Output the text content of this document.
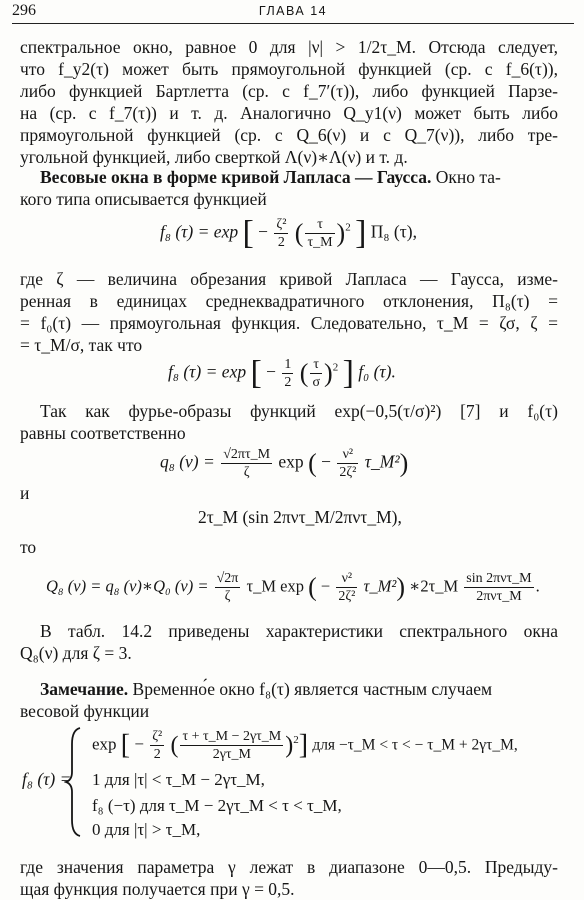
296	ГЛАВА 14
спектральное окно, равное 0 для |ν| > 1/2τ_M. Отсюда следует,
что f_y2(τ) может быть прямоугольной функцией (ср. с f_6(τ)),
либо функцией Бартлетта (ср. с f_7′(τ)), либо функцией Парзе-
на (ср. с f_7(τ)) и т. д. Аналогично Q_y1(ν) может быть либо
прямоугольной функцией (ср. с Q_6(ν) и с Q_7(ν)), либо тре-
угольной функцией, либо сверткой Λ(ν)∗Λ(ν) и т. д.
Весовые окна в форме кривой Лапласа — Гаусса. Окно та-
кого типа описывается функцией
f₈ (τ) = exp [ − $\frac{\text{ζ²}}{2}$ ( $\frac{\tau}{\tau\_M} )^2$ ] Π₈ (τ),
где ζ — величина обрезания кривой Лапласа — Гаусса, изме-
ренная в единицах среднеквадратичного отклонения, Π₈(τ) =
= f₀(τ) — прямоугольная функция. Следовательно, τ_M = ζσ, ζ =
= τ_M/σ, так что
f₈ (τ) = exp [ − $\frac{1}{2}$ ( $\frac{\tau}{\sigma} )^2$ ] f₀ (τ).
Так как фурье-образы функций exp(−0,5(τ/σ)²) [7] и f₀(τ)
равны соответственно
q₈ $(\nu) = \frac{√2\pi\tau\_M}{\zeta}$ exp ( − $\frac{\text{ν²}}{\text{2ζ²}}$ τ_M²)
и
2τ_M (sin 2πντ_M/2πντ_M),
то
Q₈ (ν) = q₈ (ν)∗Q₀ $(\nu) = \frac{√2\pi}{\zeta}$ τ_M exp ( − $\frac{\text{ν²}}{\text{2ζ²}}$ τ_M²) ∗2τ_M $\frac{\text{sin 2πντ\_M}}{\text{2πντ\_M}}$ .
В табл. 14.2 приведены характеристики спектрального окна
Q₈(ν) для ζ = 3.
Замечание. Временно́е окно f₈(τ) является частным случаем
весовой функции
f₈ (τ) =
exp [ − $\frac{\text{ζ²}}{2}$ ( $\frac{\tau + \tau\_M - 2\gamma\tau\_M}{2\gamma\tau\_M} )^2$] для −τ_M < τ < − τ_M + 2γτ_M,
1 для |τ| < τ_M − 2γτ_M,
f₈ (−τ) для τ_M − 2γτ_M < τ < τ_M,
0 для |τ| > τ_M,
где значения параметра γ лежат в диапазоне 0—0,5. Предыду-
щая функция получается при γ = 0,5.
